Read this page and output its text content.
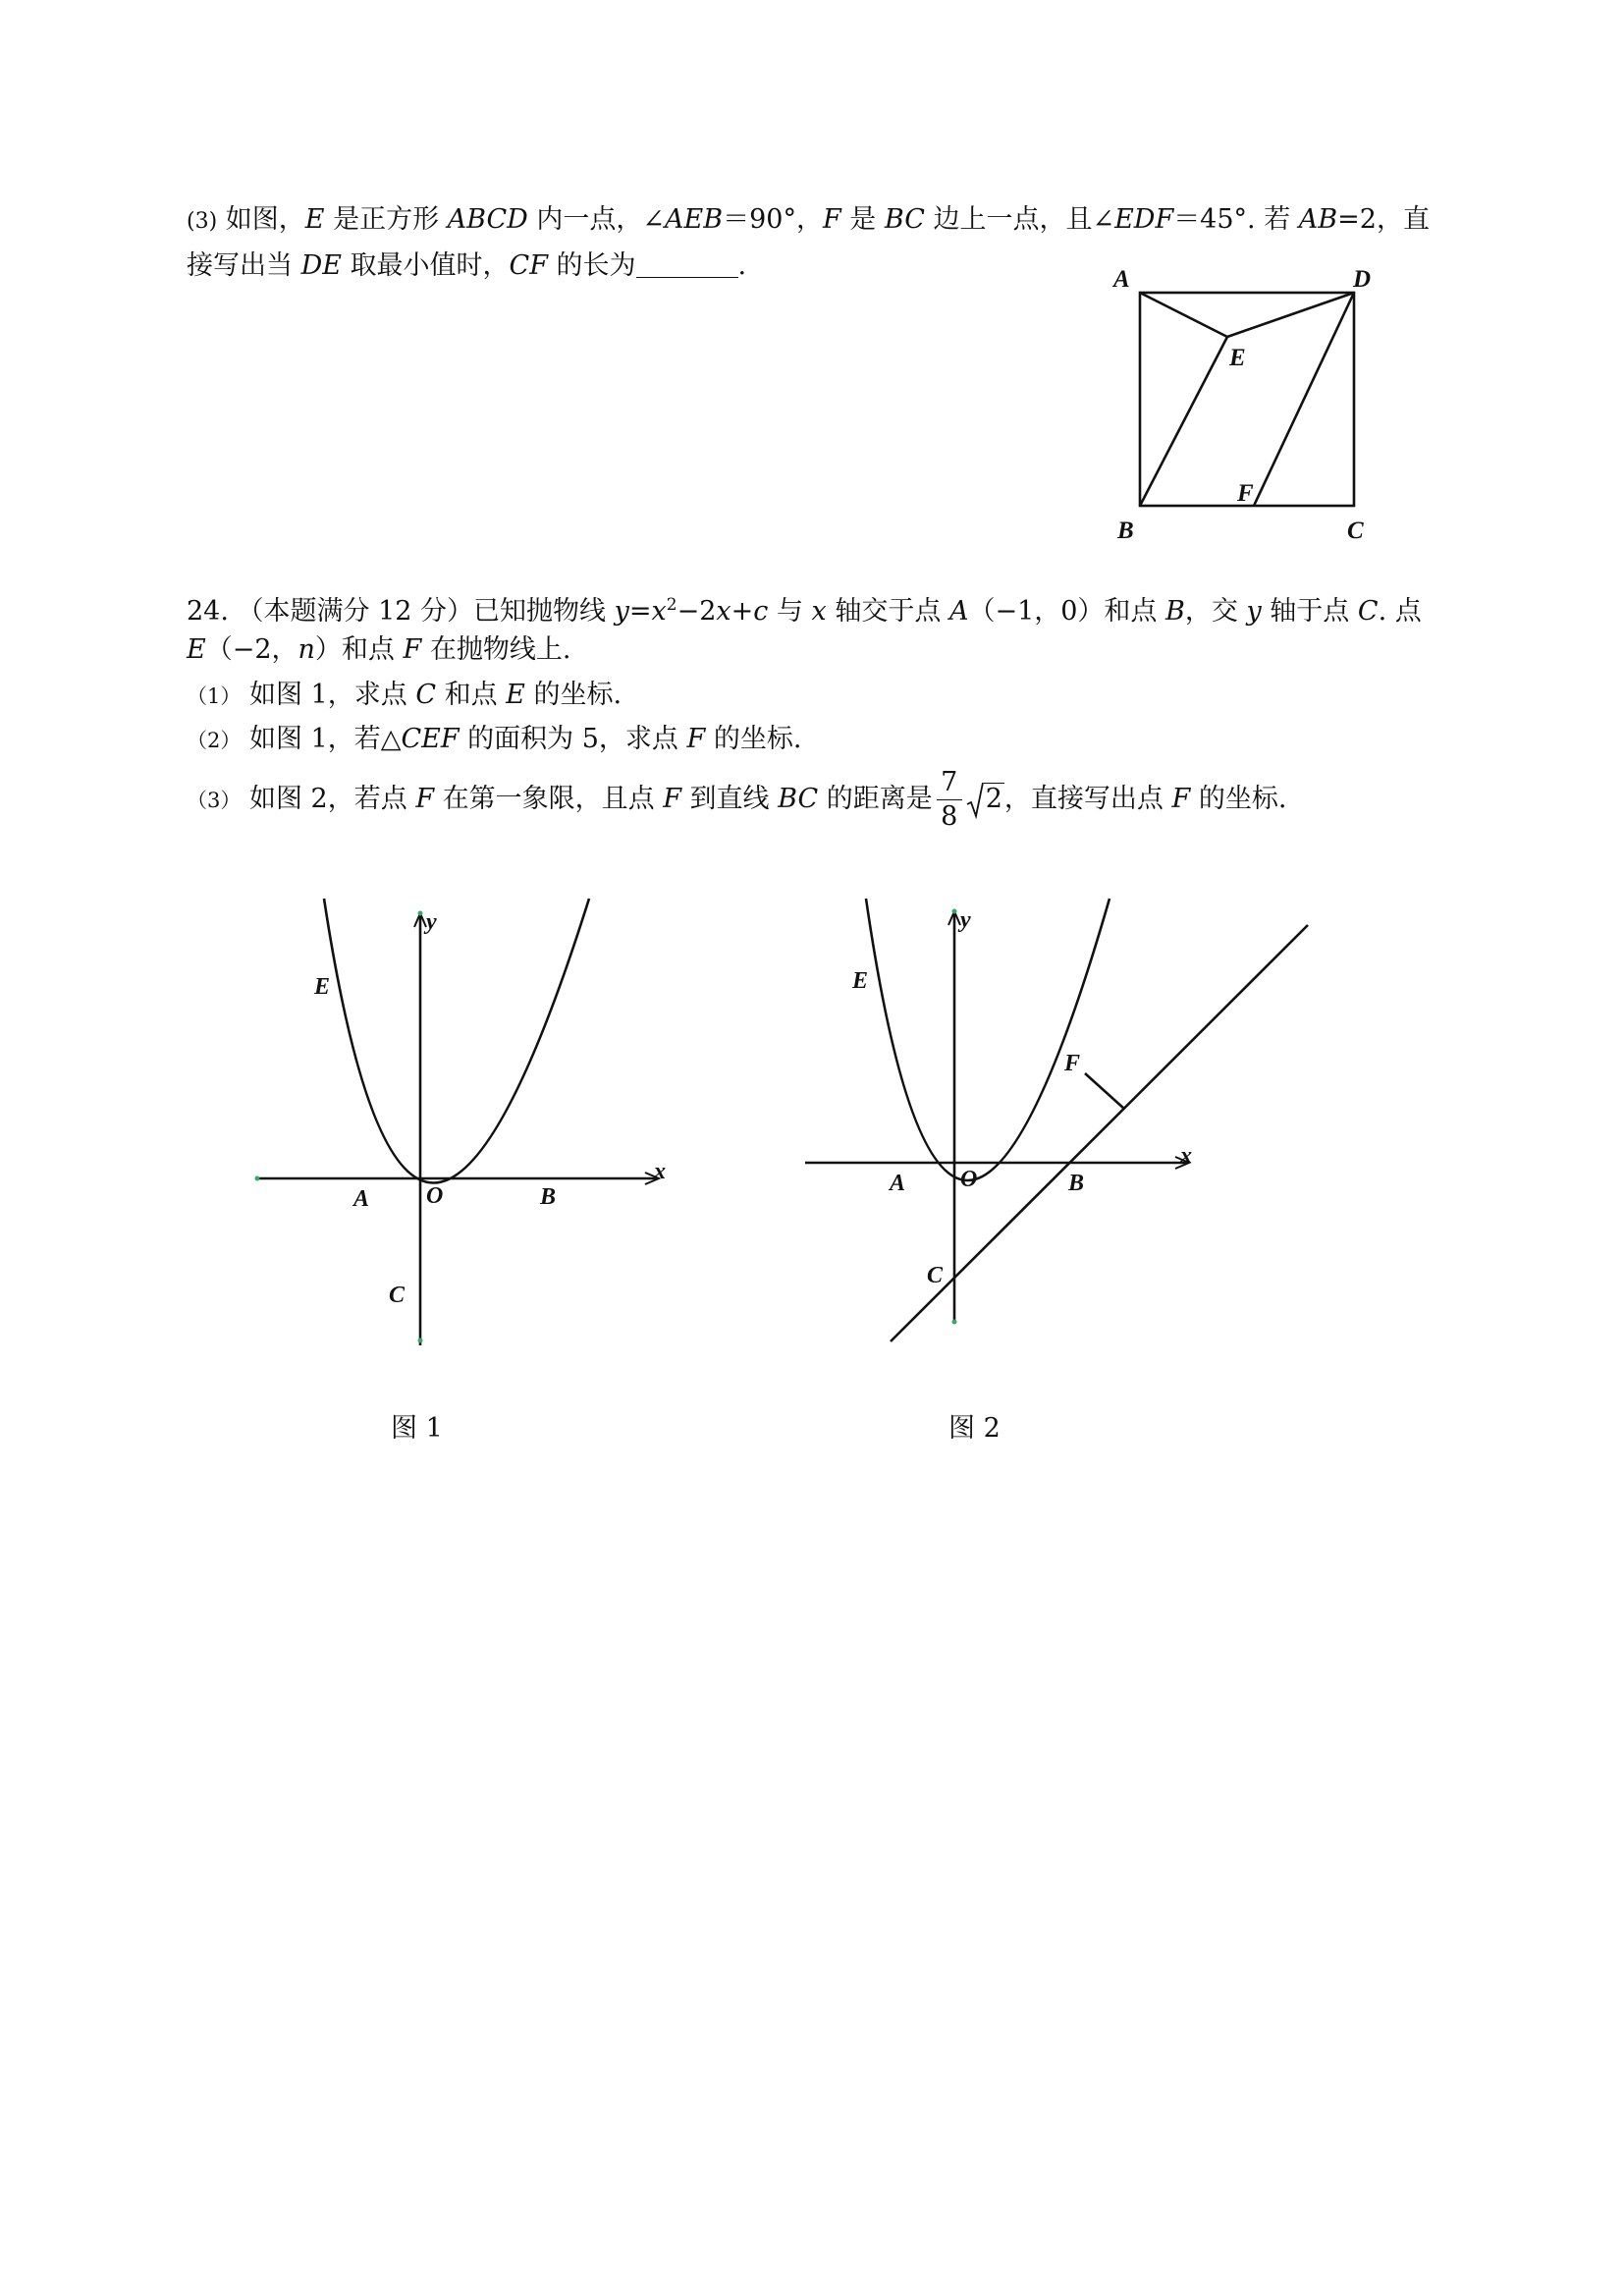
(3) 如图，E 是正方形 ABCD 内一点，∠AEB＝90°，F 是 BC 边上一点，且∠EDF＝45°. 若 AB=2，直
接写出当 DE 取最小值时，CF 的长为	.	A	D
E
B
F
C
24. （本题满分 12 分）已知抛物线 $y=x^2-2x+c$ 与 x 轴交于点 A（−1，0）和点 B，交 y 轴于点 C. 点
E（−2，n）和点 F 在抛物线上.
（1） 如图 1，求点 C 和点 E 的坐标.
（2） 如图 1，若△CEF 的面积为 5，求点 F 的坐标.
（3） 如图 2，若点 F 在第一象限，且点 F 到直线 BC 的距离是 $\frac{7}{8} 2$，直接写出点 F 的坐标.
y
x
E
A O	B
C
图 1
y
x
E
F
A O	B
C
图 2
